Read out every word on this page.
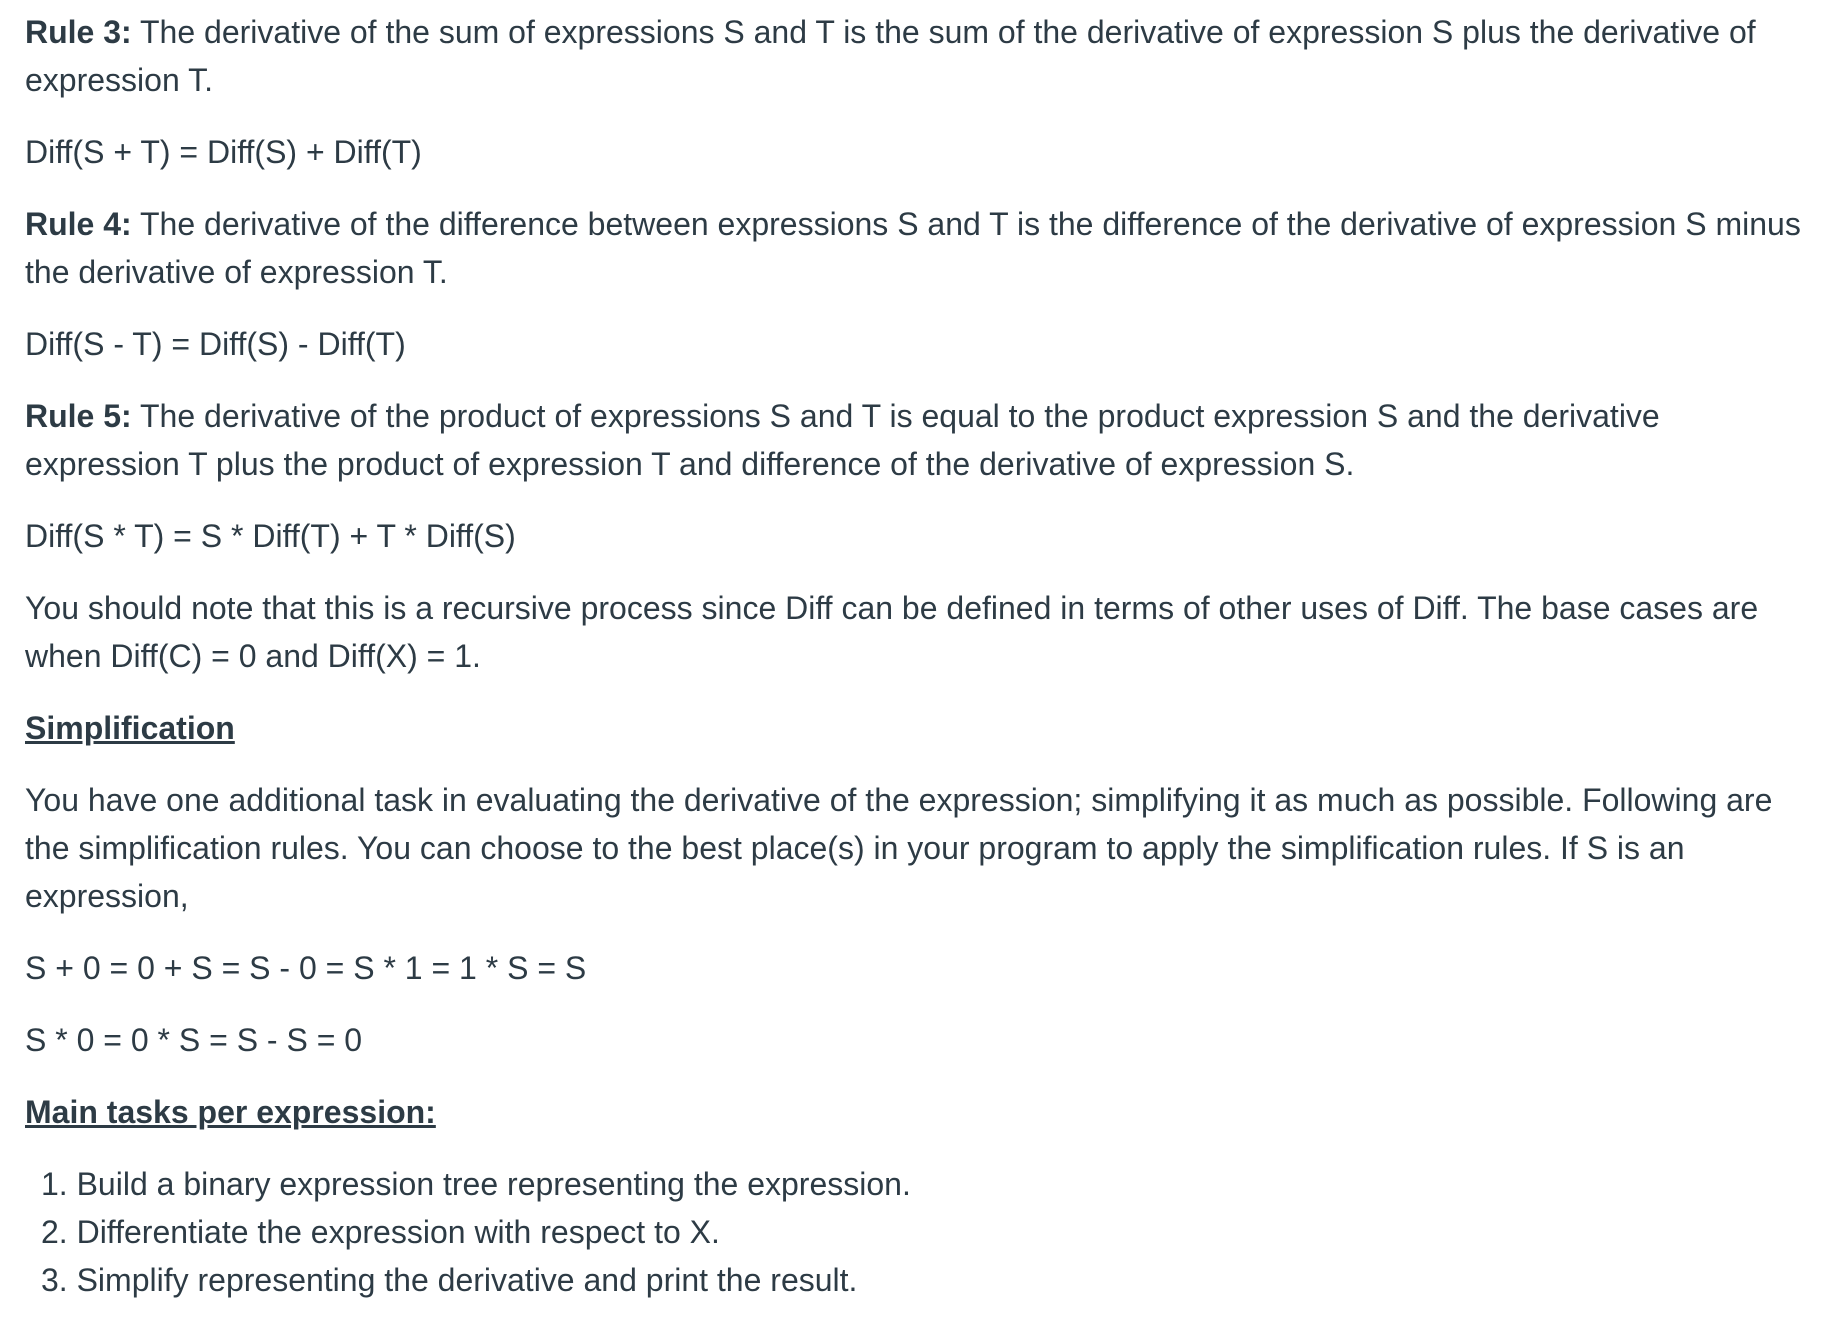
Rule 3: The derivative of the sum of expressions S and T is the sum of the derivative of expression S plus the derivative of expression T.

Diff(S + T) = Diff(S) + Diff(T)

Rule 4: The derivative of the difference between expressions S and T is the difference of the derivative of expression S minus the derivative of expression T.

Diff(S - T) = Diff(S) - Diff(T)

Rule 5: The derivative of the product of expressions S and T is equal to the product expression S and the derivative expression T plus the product of expression T and difference of the derivative of expression S.

Diff(S * T) = S * Diff(T) + T * Diff(S)

You should note that this is a recursive process since Diff can be defined in terms of other uses of Diff. The base cases are when Diff(C) = 0 and Diff(X) = 1.

Simplification

You have one additional task in evaluating the derivative of the expression; simplifying it as much as possible. Following are the simplification rules. You can choose to the best place(s) in your program to apply the simplification rules. If S is an expression,

S + 0 = 0 + S = S - 0 = S * 1 = 1 * S = S

S * 0 = 0 * S = S - S = 0

Main tasks per expression:

1. Build a binary expression tree representing the expression.
2. Differentiate the expression with respect to X.
3. Simplify representing the derivative and print the result.
